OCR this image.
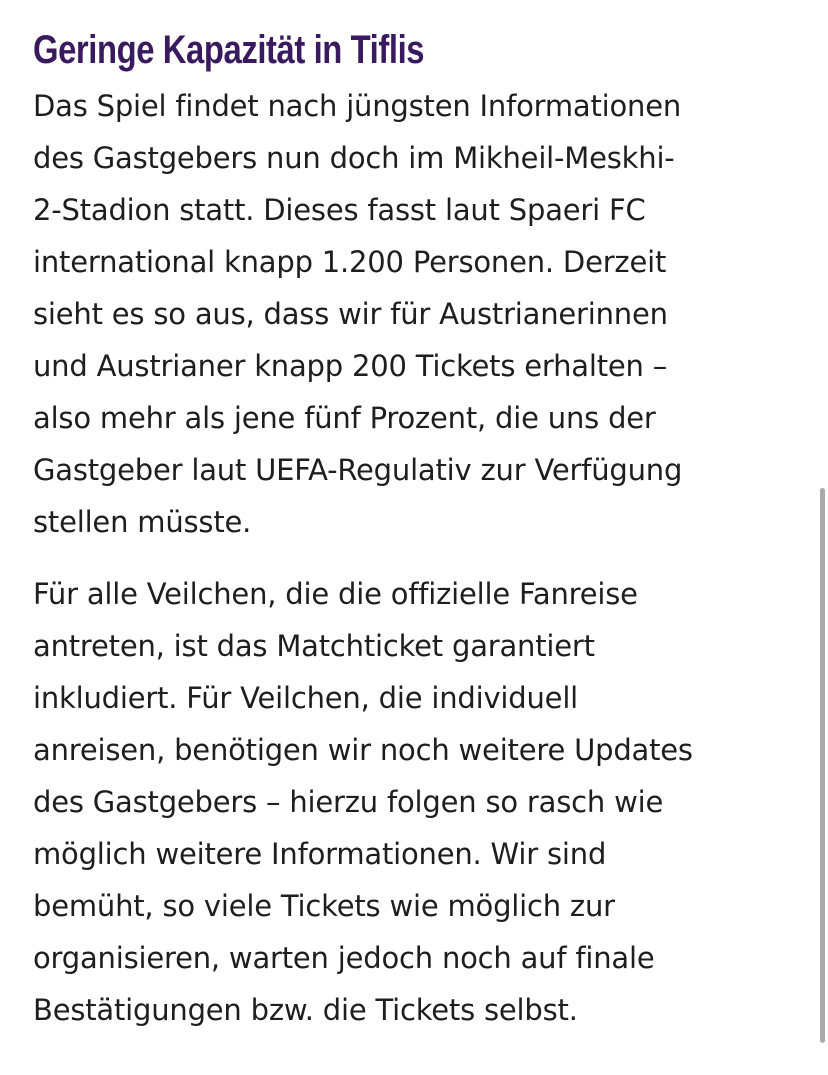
Geringe Kapazität in Tiflis

Das Spiel findet nach jüngsten Informationen
des Gastgebers nun doch im Mikheil-Meskhi-
2-Stadion statt. Dieses fasst laut Spaeri FC
international knapp 1.200 Personen. Derzeit
sieht es so aus, dass wir für Austrianerinnen
und Austrianer knapp 200 Tickets erhalten –
also mehr als jene fünf Prozent, die uns der
Gastgeber laut UEFA-Regulativ zur Verfügung
stellen müsste.

Für alle Veilchen, die die offizielle Fanreise
antreten, ist das Matchticket garantiert
inkludiert. Für Veilchen, die individuell
anreisen, benötigen wir noch weitere Updates
des Gastgebers – hierzu folgen so rasch wie
möglich weitere Informationen. Wir sind
bemüht, so viele Tickets wie möglich zur
organisieren, warten jedoch noch auf finale
Bestätigungen bzw. die Tickets selbst.
